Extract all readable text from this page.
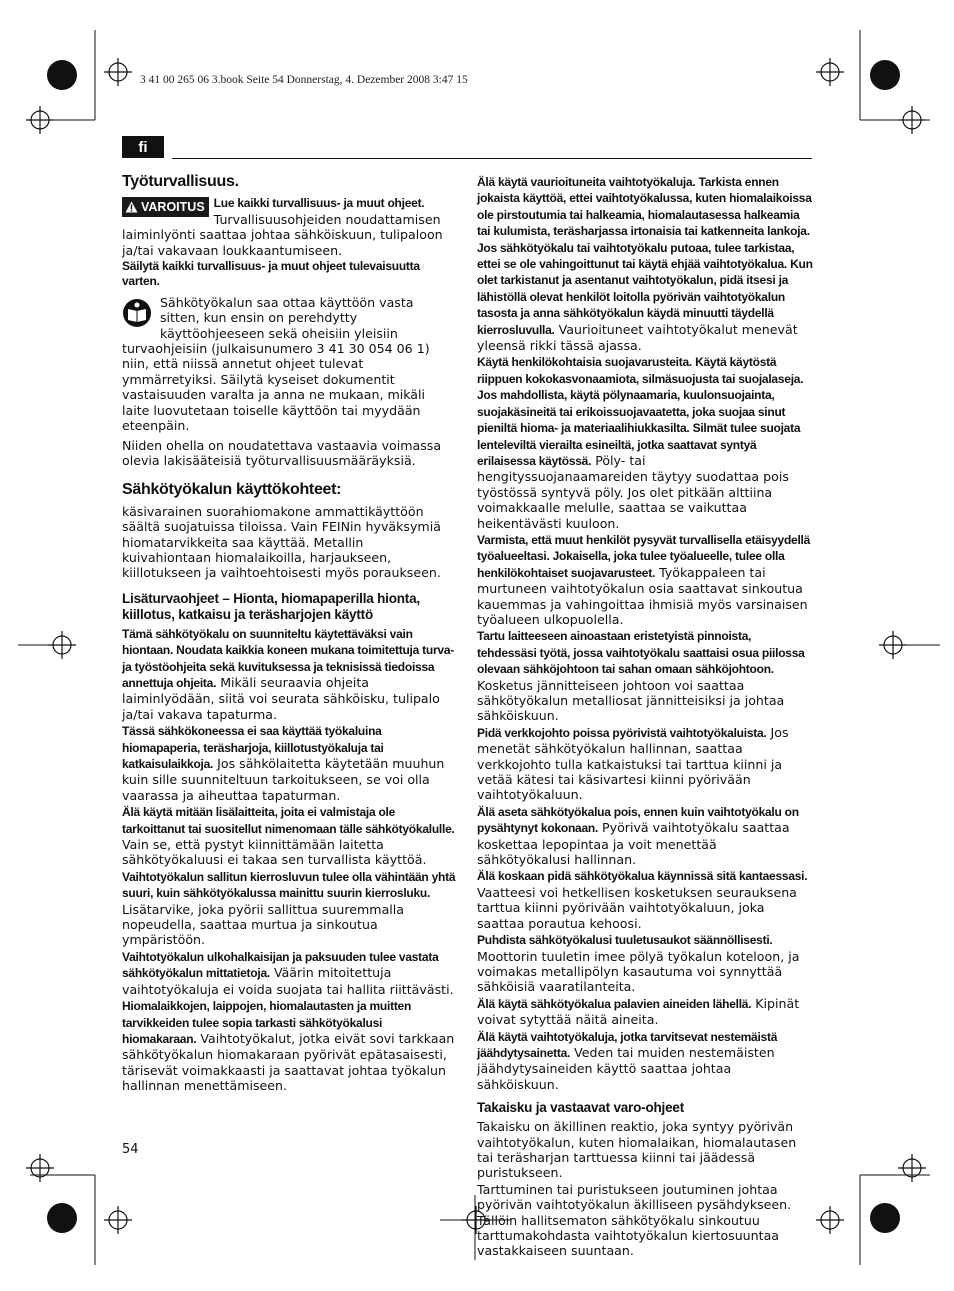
3 41 00 265 06 3.book Seite 54 Donnerstag, 4. Dezember 2008 3:47 15
fi
Työturvallisuus.

VAROITUS Lue kaikki turvallisuus- ja muut ohjeet. Turvallisuusohjeiden noudattamisen laiminlyönti saattaa johtaa sähköiskuun, tulipaloon ja/tai vakavaan loukkaantumiseen.

Säilytä kaikki turvallisuus- ja muut ohjeet tulevaisuutta varten.

Sähkötyökalun saa ottaa käyttöön vasta sitten, kun ensin on perehdytty käyttöohjeeseen sekä oheisiin yleisiin turvaohjeisiin (julkaisunumero 3 41 30 054 06 1) niin, että niissä annetut ohjeet tulevat ymmärretyiksi. Säilytä kyseiset dokumentit vastaisuuden varalta ja anna ne mukaan, mikäli laite luovutetaan toiselle käyttöön tai myydään eteenpäin.

Niiden ohella on noudatettava vastaavia voimassa olevia lakisääteisiä työturvallisuusmääräyksiä.

Sähkötyökalun käyttökohteet:

käsivarainen suorahiomakone ammattikäyttöön säältä suojatuissa tiloissa. Vain FEINin hyväksymiä hiomatarvikkeita saa käyttää. Metallin kuivahiontaan hiomalaikoilla, harjaukseen, kiillotukseen ja vaihtoehtoisesti myös poraukseen.

Lisäturvaohjeet – Hionta, hiomapaperilla hionta, kiillotus, katkaisu ja teräsharjojen käyttö

Tämä sähkötyökalu on suunniteltu käytettäväksi vain hiontaan. Noudata kaikkia koneen mukana toimitettuja turva- ja työstöohjeita sekä kuvituksessa ja teknisissä tiedoissa annettuja ohjeita. Mikäli seuraavia ohjeita laiminlyödään, siitä voi seurata sähköisku, tulipalo ja/tai vakava tapaturma.

Tässä sähkökoneessa ei saa käyttää työkaluina hiomapaperia, teräsharjoja, kiillotustyökaluja tai katkaisulaikkoja. Jos sähkölaitetta käytetään muuhun kuin sille suunniteltuun tarkoitukseen, se voi olla vaarassa ja aiheuttaa tapaturman.

Älä käytä mitään lisälaitteita, joita ei valmistaja ole tarkoittanut tai suositellut nimenomaan tälle sähkötyökalulle. Vain se, että pystyt kiinnittämään laitetta sähkötyökaluusi ei takaa sen turvallista käyttöä.

Vaihtotyökalun sallitun kierrosluvun tulee olla vähintään yhtä suuri, kuin sähkötyökalussa mainittu suurin kierrosluku. Lisätarvike, joka pyörii sallittua suuremmalla nopeudella, saattaa murtua ja sinkoutua ympäristöön.

Vaihtotyökalun ulkohalkaisijan ja paksuuden tulee vastata sähkötyökalun mittatietoja. Väärin mitoitettuja vaihtotyökaluja ei voida suojata tai hallita riittävästi.

Hiomalaikkojen, laippojen, hiomalautasten ja muitten tarvikkeiden tulee sopia tarkasti sähkötyökalusi hiomakaraan. Vaihtotyökalut, jotka eivät sovi tarkkaan sähkötyökalun hiomakaraan pyörivät epätasaisesti, tärisevät voimakkaasti ja saattavat johtaa työkalun hallinnan menettämiseen.

Älä käytä vaurioituneita vaihtotyökaluja. Tarkista ennen jokaista käyttöä, ettei vaihtotyökalussa, kuten hiomalaikoissa ole pirstoutumia tai halkeamia, hiomalautasessa halkeamia tai kulumista, teräsharjassa irtonaisia tai katkenneita lankoja. Jos sähkötyökalu tai vaihtotyökalu putoaa, tulee tarkistaa, ettei se ole vahingoittunut tai käytä ehjää vaihtotyökalua. Kun olet tarkistanut ja asentanut vaihtotyökalun, pidä itsesi ja lähistöllä olevat henkilöt loitolla pyörivän vaihtotyökalun tasosta ja anna sähkötyökalun käydä minuutti täydellä kierrosluvulla. Vaurioituneet vaihtotyökalut menevät yleensä rikki tässä ajassa.

Käytä henkilökohtaisia suojavarusteita. Käytä käytöstä riippuen kokokasvonaamiota, silmäsuojusta tai suojalaseja. Jos mahdollista, käytä pölynaamaria, kuulonsuojainta, suojakäsineitä tai erikoissuojavaatetta, joka suojaa sinut pieniltä hioma- ja materiaalihiukkasilta. Silmät tulee suojata lenteleviltä vierailta esineiltä, jotka saattavat syntyä erilaisessa käytössä. Pöly- tai hengityssuojanaamareiden täytyy suodattaa pois työstössä syntyvä pöly. Jos olet pitkään alttiina voimakkaalle melulle, saattaa se vaikuttaa heikentävästi kuuloon.

Varmista, että muut henkilöt pysyvät turvallisella etäisyydellä työalueeltasi. Jokaisella, joka tulee työalueelle, tulee olla henkilökohtaiset suojavarusteet. Työkappaleen tai murtuneen vaihtotyökalun osia saattavat sinkoutua kauemmas ja vahingoittaa ihmisiä myös varsinaisen työalueen ulkopuolella.

Tartu laitteeseen ainoastaan eristetyistä pinnoista, tehdessäsi työtä, jossa vaihtotyökalu saattaisi osua piilossa olevaan sähköjohtoon tai sahan omaan sähköjohtoon. Kosketus jännitteiseen johtoon voi saattaa sähkötyökalun metalliosat jännitteisiksi ja johtaa sähköiskuun.

Pidä verkkojohto poissa pyörivistä vaihtotyökaluista. Jos menetät sähkötyökalun hallinnan, saattaa verkkojohto tulla katkaistuksi tai tarttua kiinni ja vetää kätesi tai käsivartesi kiinni pyörivään vaihtotyökaluun.

Älä aseta sähkötyökalua pois, ennen kuin vaihtotyökalu on pysähtynyt kokonaan. Pyörivä vaihtotyökalu saattaa koskettaa lepopintaa ja voit menettää sähkötyökalusi hallinnan.

Älä koskaan pidä sähkötyökalua käynnissä sitä kantaessasi. Vaatteesi voi hetkellisen kosketuksen seurauksena tarttua kiinni pyörivään vaihtotyökaluun, joka saattaa porautua kehoosi.

Puhdista sähkötyökalusi tuuletusaukot säännöllisesti. Moottorin tuuletin imee pölyä työkalun koteloon, ja voimakas metallipölyn kasautuma voi synnyttää sähköisiä vaaratilanteita.

Älä käytä sähkötyökalua palavien aineiden lähellä. Kipinät voivat sytyttää näitä aineita.

Älä käytä vaihtotyökaluja, jotka tarvitsevat nestemäistä jäähdytysainetta. Veden tai muiden nestemäisten jäähdytysaineiden käyttö saattaa johtaa sähköiskuun.

Takaisku ja vastaavat varo-ohjeet

Takaisku on äkillinen reaktio, joka syntyy pyörivän vaihtotyökalun, kuten hiomalaikan, hiomalautasen tai teräsharjan tarttuessa kiinni tai jäädessä puristukseen.

Tarttuminen tai puristukseen joutuminen johtaa pyörivän vaihtotyökalun äkilliseen pysähdykseen. Tällöin hallitsematon sähkötyökalu sinkoutuu tarttumakohdasta vaihtotyökalun kiertosuuntaa vastakkaiseen suuntaan.

54
